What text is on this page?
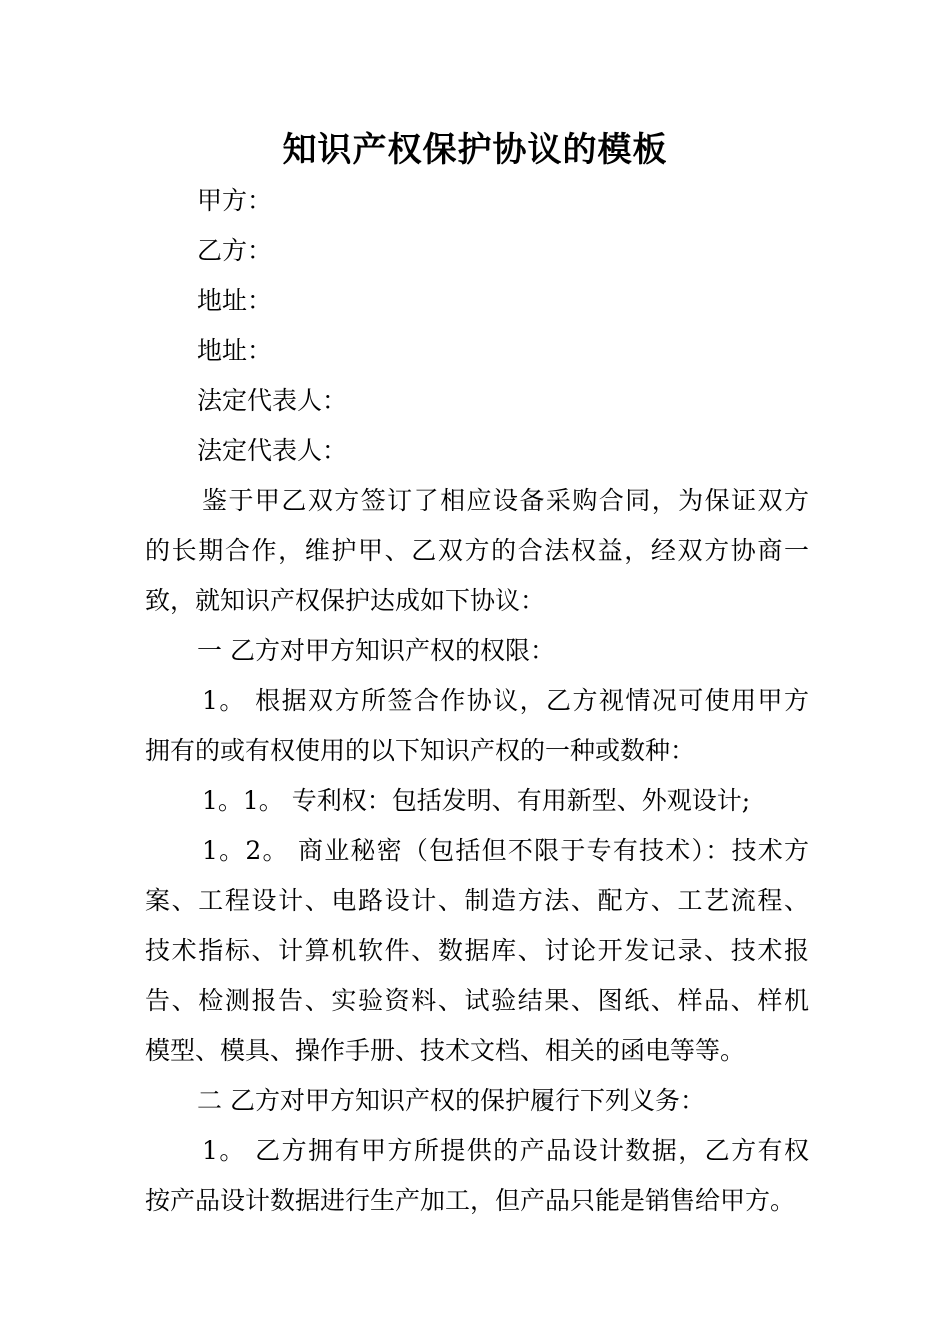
知识产权保护协议的模板
甲方：
乙方：
地址：
地址：
法定代表人：
法定代表人：
鉴于甲乙双方签订了相应设备采购合同，为保证双方
的长期合作，维护甲、乙双方的合法权益，经双方协商一
致，就知识产权保护达成如下协议：
一 乙方对甲方知识产权的权限：
1。 根据双方所签合作协议，乙方视情况可使用甲方
拥有的或有权使用的以下知识产权的一种或数种：
1。1。 专利权：包括发明、有用新型、外观设计;
1。2。 商业秘密（包括但不限于专有技术）：技术方
案、工程设计、电路设计、制造方法、配方、工艺流程、
技术指标、计算机软件、数据库、讨论开发记录、技术报
告、检测报告、实验资料、试验结果、图纸、样品、样机
模型、模具、操作手册、技术文档、相关的函电等等。
二 乙方对甲方知识产权的保护履行下列义务：
1。 乙方拥有甲方所提供的产品设计数据，乙方有权
按产品设计数据进行生产加工，但产品只能是销售给甲方。
